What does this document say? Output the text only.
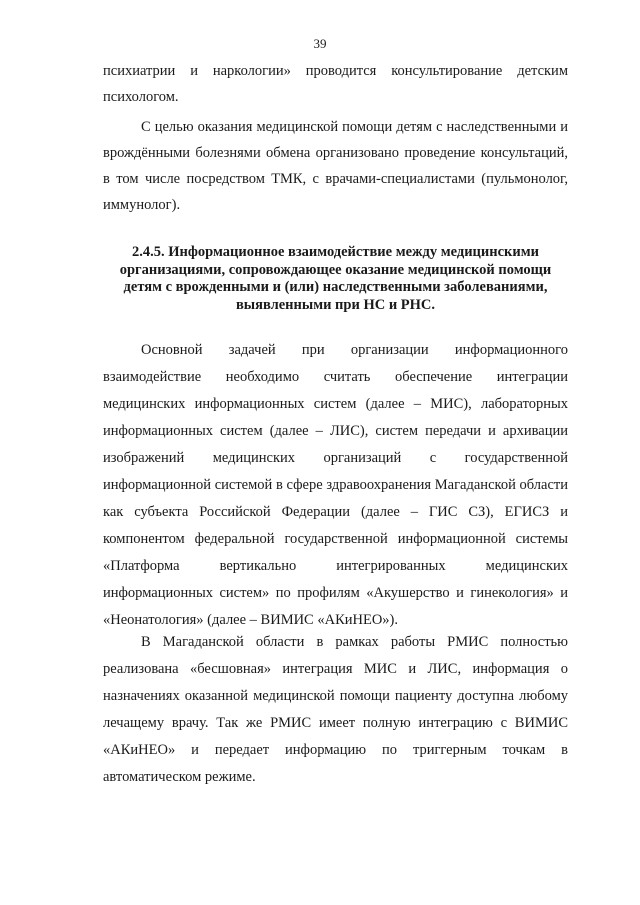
39

психиатрии и наркологии» проводится консультирование детским психологом.

С целью оказания медицинской помощи детям с наследственными и врождёнными болезнями обмена организовано проведение консультаций, в том числе посредством ТМК, с врачами-специалистами (пульмонолог, иммунолог).

2.4.5. Информационное взаимодействие между медицинскими организациями, сопровождающее оказание медицинской помощи детям с врожденными и (или) наследственными заболеваниями, выявленными при НС и РНС.

Основной задачей при организации информационного взаимодействие необходимо считать обеспечение интеграции медицинских информационных систем (далее – МИС), лабораторных информационных систем (далее – ЛИС), систем передачи и архивации изображений медицинских организаций с государственной информационной системой в сфере здравоохранения Магаданской области как субъекта Российской Федерации (далее – ГИС СЗ), ЕГИСЗ и компонентом федеральной государственной информационной системы «Платформа вертикально интегрированных медицинских информационных систем» по профилям «Акушерство и гинекология» и «Неонатология» (далее – ВИМИС «АКиНЕО»).

В Магаданской области в рамках работы РМИС полностью реализована «бесшовная» интеграция МИС и ЛИС, информация о назначениях оказанной медицинской помощи пациенту доступна любому лечащему врачу. Так же РМИС имеет полную интеграцию с ВИМИС «АКиНЕО» и передает информацию по триггерным точкам в автоматическом режиме.
